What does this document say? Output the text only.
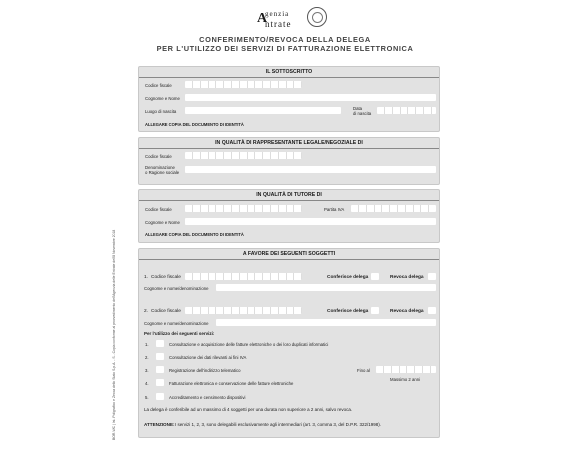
A
genzia
ntrate
CONFERIMENTO/REVOCA DELLA DELEGA
PER L'UTILIZZO DEI SERVIZI DI FATTURAZIONE ELETTRONICA
BOR-WC | Ist. Poligrafico e Zecca dello Stato S.p.A. - S - Copia conforme al provvedimento dell'Agenzia delle Entrate dell'8 Novembre 2018
IL SOTTOSCRITTO
Codice fiscale
Cognome e Nome
Luogo di nascita
Data
di nascita
ALLEGARE COPIA DEL DOCUMENTO DI IDENTITÀ
IN QUALITÀ DI RAPPRESENTANTE LEGALE/NEGOZIALE DI
Codice fiscale
Denominazione
o Ragione sociale
IN QUALITÀ DI TUTORE DI
Codice fiscale	Partita IVA
Cognome e Nome
ALLEGARE COPIA DEL DOCUMENTO DI IDENTITÀ
A FAVORE DEI SEGUENTI SOGGETTI
1. Codice fiscale	Conferisce delega	Revoca delega
Cognome e nome/denominazione
2. Codice fiscale	Conferisce delega	Revoca delega
Cognome e nome/denominazione
Per l'utilizzo dei seguenti servizi:
1.	Consultazione e acquisizione delle fatture elettroniche o dei loro duplicati informatici
2.	Consultazione dei dati rilevanti ai fini IVA
3.	Registrazione dell'indirizzo telematico	Fino al
Massimo 2 anni
4.	Fatturazione elettronica e conservazione delle fatture elettroniche
5.	Accreditamento e censimento dispositivi
La delega è conferibile ad un massimo di 4 soggetti per una durata non superiore a 2 anni, salvo revoca.
ATTENZIONE: I servizi 1, 2, 3, sono delegabili esclusivamente agli intermediari (art. 3, comma 3, del D.P.R. 322/1998).
